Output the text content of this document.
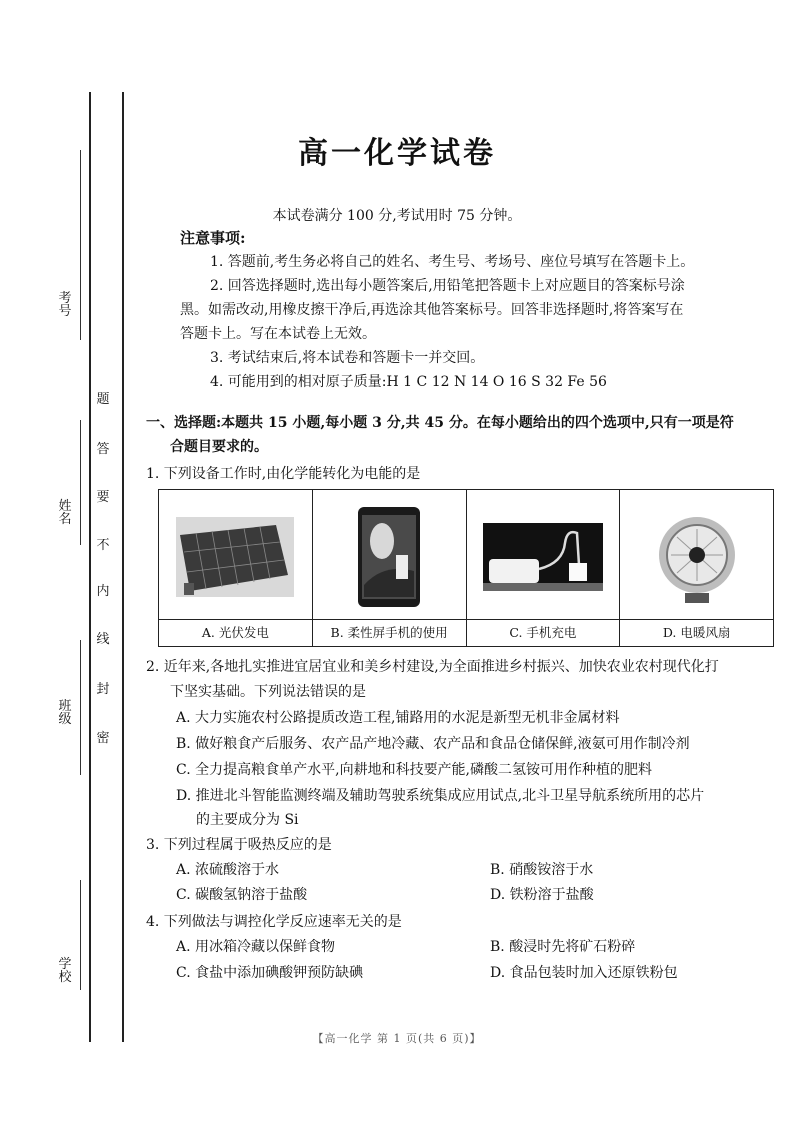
考号
姓名
班级
学校
题
答
要
不
内
线
封
密
高一化学试卷
本试卷满分 100 分,考试用时 75 分钟。
注意事项:
1. 答题前,考生务必将自己的姓名、考生号、考场号、座位号填写在答题卡上。
2. 回答选择题时,选出每小题答案后,用铅笔把答题卡上对应题目的答案标号涂
黑。如需改动,用橡皮擦干净后,再选涂其他答案标号。回答非选择题时,将答案写在
答题卡上。写在本试卷上无效。
3. 考试结束后,将本试卷和答题卡一并交回。
4. 可能用到的相对原子质量:H 1 C 12 N 14 O 16 S 32 Fe 56
一、选择题:本题共 15 小题,每小题 3 分,共 45 分。在每小题给出的四个选项中,只有一项是符
合题目要求的。
1. 下列设备工作时,由化学能转化为电能的是
A. 光伏发电	B. 柔性屏手机的使用	C. 手机充电	D. 电暖风扇
2. 近年来,各地扎实推进宜居宜业和美乡村建设,为全面推进乡村振兴、加快农业农村现代化打
下坚实基础。下列说法错误的是
A. 大力实施农村公路提质改造工程,铺路用的水泥是新型无机非金属材料
B. 做好粮食产后服务、农产品产地冷藏、农产品和食品仓储保鲜,液氨可用作制冷剂
C. 全力提高粮食单产水平,向耕地和科技要产能,磷酸二氢铵可用作种植的肥料
D. 推进北斗智能监测终端及辅助驾驶系统集成应用试点,北斗卫星导航系统所用的芯片
的主要成分为 Si
3. 下列过程属于吸热反应的是
A. 浓硫酸溶于水	B. 硝酸铵溶于水
C. 碳酸氢钠溶于盐酸	D. 铁粉溶于盐酸
4. 下列做法与调控化学反应速率无关的是
A. 用冰箱冷藏以保鲜食物	B. 酸浸时先将矿石粉碎
C. 食盐中添加碘酸钾预防缺碘	D. 食品包装时加入还原铁粉包
【高一化学 第 1 页(共 6 页)】
